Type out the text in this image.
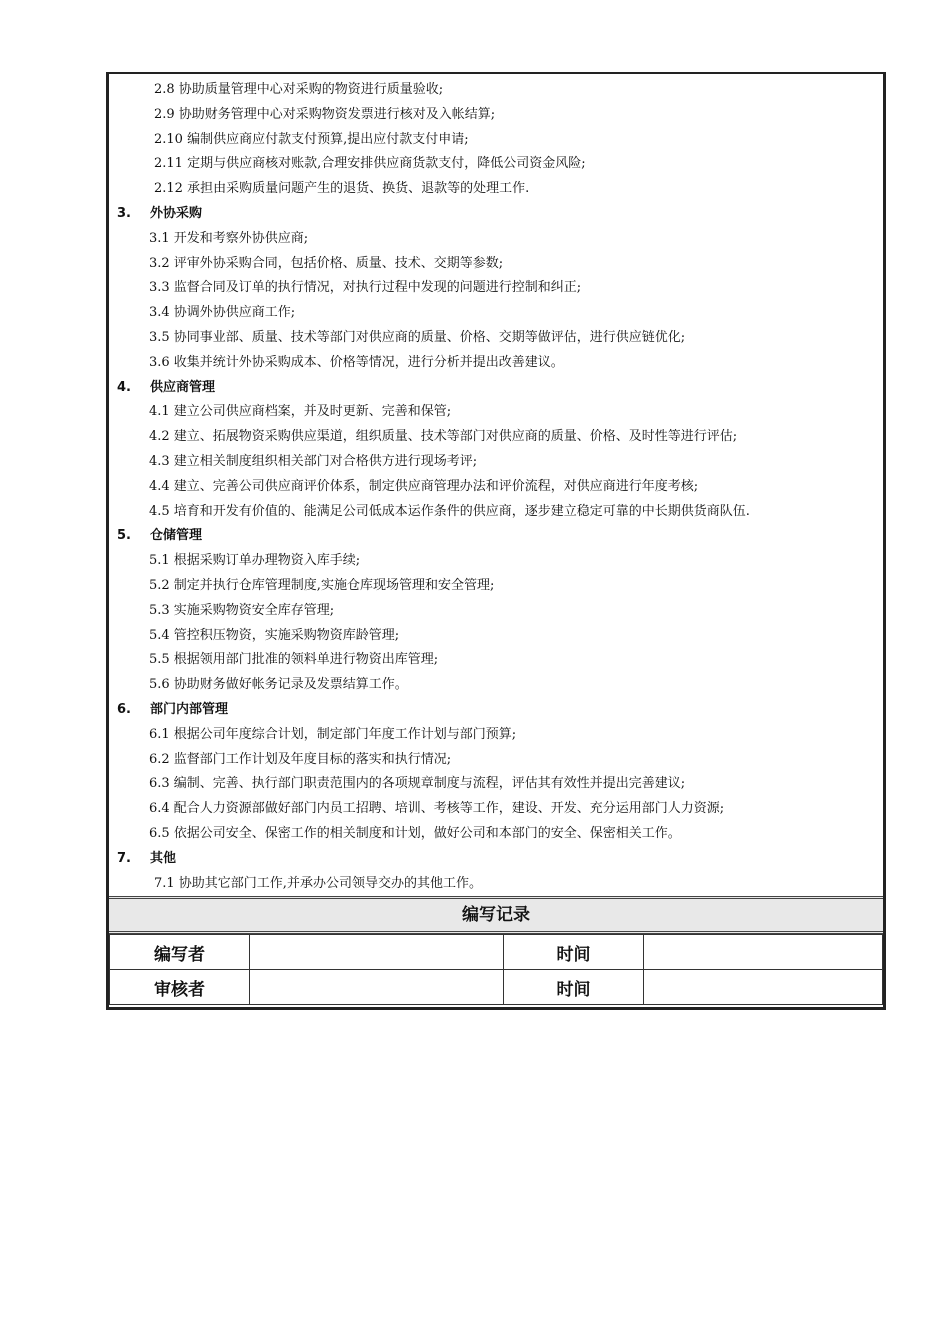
2.8 协助质量管理中心对采购的物资进行质量验收;
2.9 协助财务管理中心对采购物资发票进行核对及入帐结算;
2.10 编制供应商应付款支付预算,提出应付款支付申请;
2.11 定期与供应商核对账款,合理安排供应商货款支付，降低公司资金风险;
2.12 承担由采购质量问题产生的退货、换货、退款等的处理工作.
3. 外协采购
3.1 开发和考察外协供应商;
3.2 评审外协采购合同，包括价格、质量、技术、交期等参数;
3.3 监督合同及订单的执行情况，对执行过程中发现的问题进行控制和纠正;
3.4 协调外协供应商工作;
3.5 协同事业部、质量、技术等部门对供应商的质量、价格、交期等做评估，进行供应链优化;
3.6 收集并统计外协采购成本、价格等情况，进行分析并提出改善建议。
4. 供应商管理
4.1 建立公司供应商档案，并及时更新、完善和保管;
4.2 建立、拓展物资采购供应渠道，组织质量、技术等部门对供应商的质量、价格、及时性等进行评估;
4.3 建立相关制度组织相关部门对合格供方进行现场考评;
4.4 建立、完善公司供应商评价体系，制定供应商管理办法和评价流程，对供应商进行年度考核;
4.5 培育和开发有价值的、能满足公司低成本运作条件的供应商，逐步建立稳定可靠的中长期供货商队伍.
5. 仓储管理
5.1 根据采购订单办理物资入库手续;
5.2 制定并执行仓库管理制度,实施仓库现场管理和安全管理;
5.3 实施采购物资安全库存管理;
5.4 管控积压物资，实施采购物资库龄管理;
5.5 根据领用部门批准的领料单进行物资出库管理;
5.6 协助财务做好帐务记录及发票结算工作。
6. 部门内部管理
6.1 根据公司年度综合计划，制定部门年度工作计划与部门预算;
6.2 监督部门工作计划及年度目标的落实和执行情况;
6.3 编制、完善、执行部门职责范围内的各项规章制度与流程，评估其有效性并提出完善建议;
6.4 配合人力资源部做好部门内员工招聘、培训、考核等工作，建设、开发、充分运用部门人力资源;
6.5 依据公司安全、保密工作的相关制度和计划，做好公司和本部门的安全、保密相关工作。
7. 其他
7.1 协助其它部门工作,并承办公司领导交办的其他工作。
编写记录
编写者		时间	
审核者		时间	
